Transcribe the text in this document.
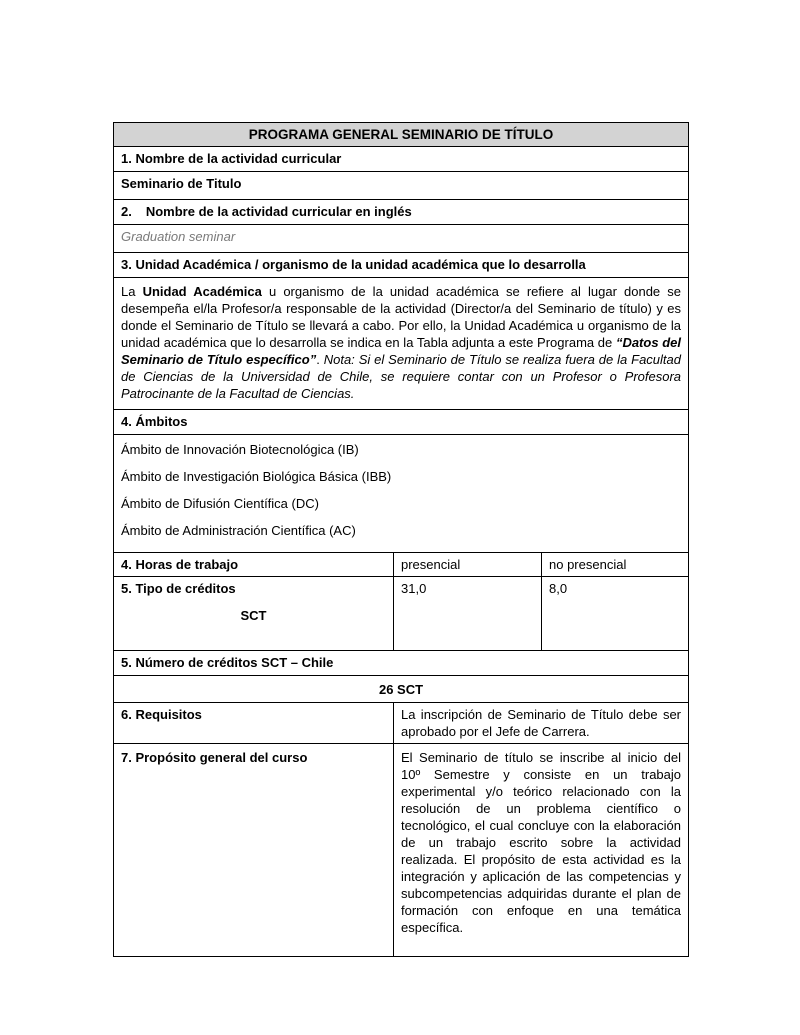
PROGRAMA GENERAL SEMINARIO DE TÍTULO		
1. Nombre de la actividad curricular		
Seminario de Titulo		
2. Nombre de la actividad curricular en inglés		
Graduation seminar		
3. Unidad Académica / organismo de la unidad académica que lo desarrolla		

La Unidad Académica u organismo de la unidad académica se refiere al lugar donde se desempeña el/la Profesor/a responsable de la actividad (Director/a del Seminario de título) y es donde el Seminario de Título se llevará a cabo. Por ello, la Unidad Académica u organismo de la unidad académica que lo desarrolla se indica en la Tabla adjunta a este Programa de “Datos del Seminario de Título específico”. Nota: Si el Seminario de Título se realiza fuera de la Facultad de Ciencias de la Universidad de Chile, se requiere contar con un Profesor o Profesora Patrocinante de la Facultad de Ciencias.		

4. Ámbitos		

Ámbito de Innovación Biotecnológica (IB)

Ámbito de Investigación Biológica Básica (IBB)

Ámbito de Difusión Científica (DC)

Ámbito de Administración Científica (AC)		

4. Horas de trabajo	presencial	no presencial

5. Tipo de créditos
SCT	31,0	8,0
5. Número de créditos SCT – Chile		
26 SCT		
6. Requisitos	La inscripción de Seminario de Título debe ser aprobado por el Jefe de Carrera.	
7. Propósito general del curso	El Seminario de título se inscribe al inicio del 10º Semestre y consiste en un trabajo experimental y/o teórico relacionado con la resolución de un problema científico o tecnológico, el cual concluye con la elaboración de un trabajo escrito sobre la actividad realizada. El propósito de esta actividad es la integración y aplicación de las competencias y subcompetencias adquiridas durante el plan de formación con enfoque en una temática específica.	
